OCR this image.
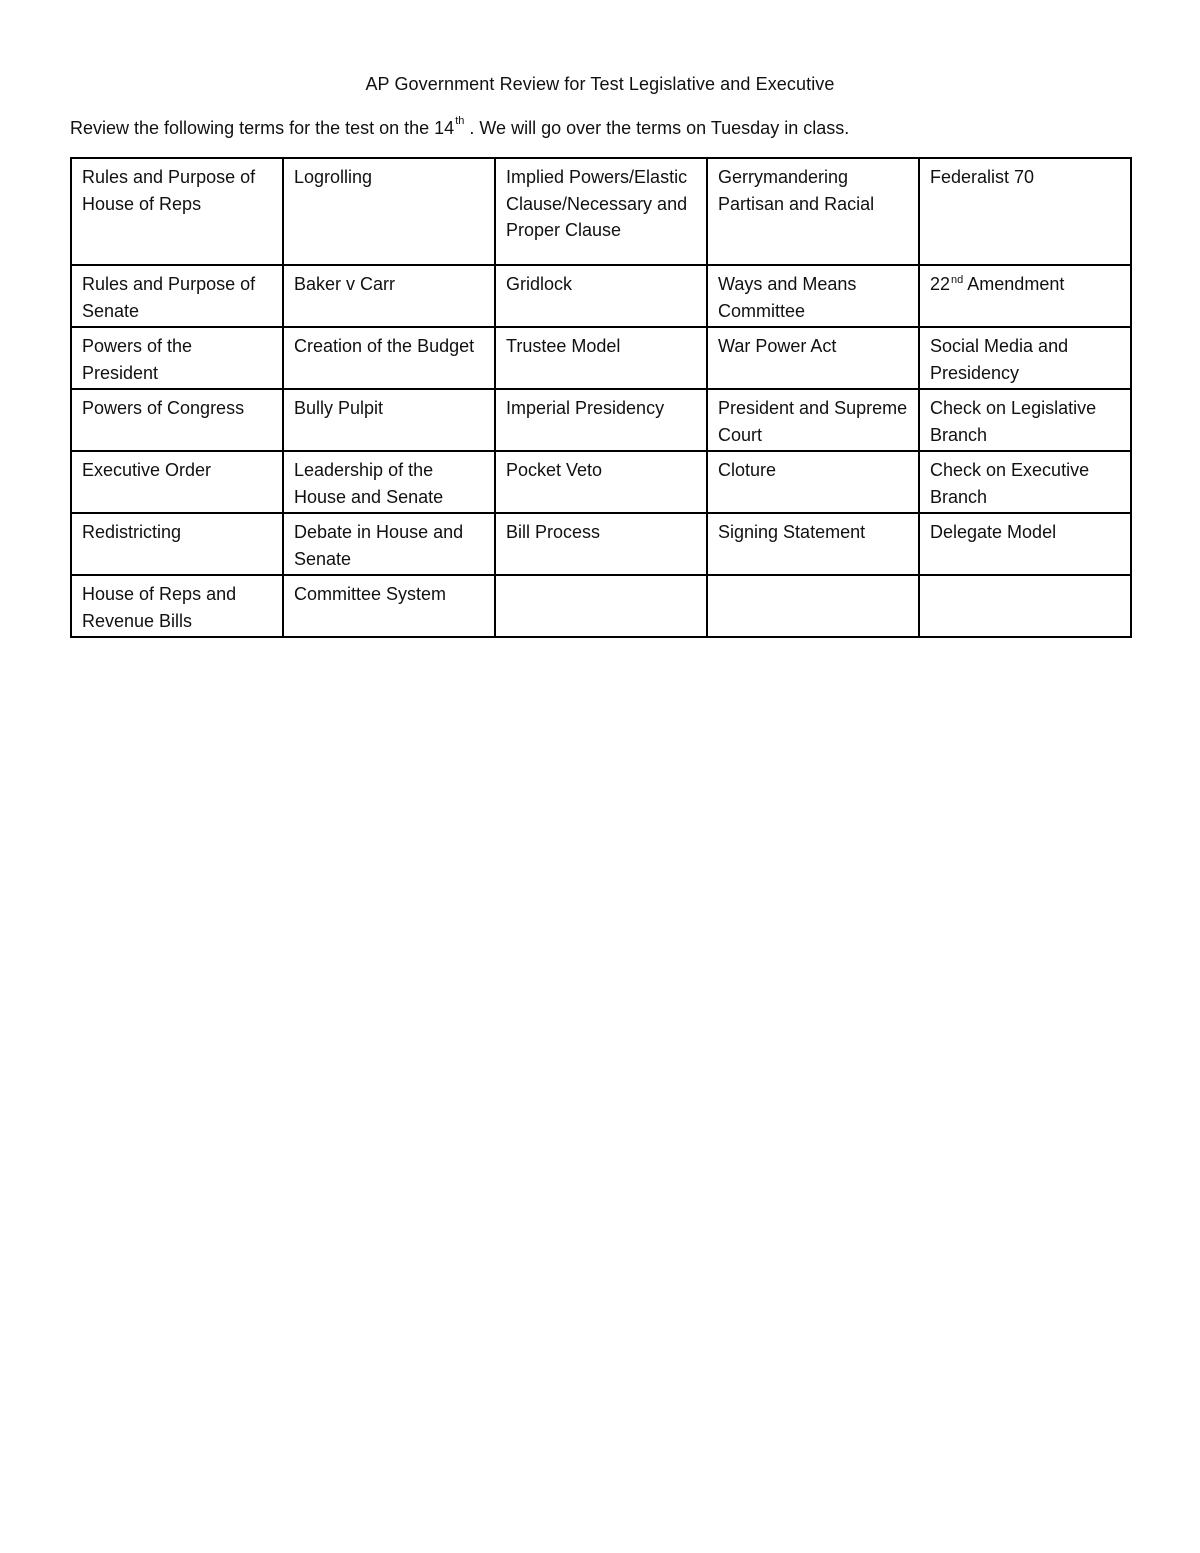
AP Government Review for Test Legislative and Executive
Review the following terms for the test on the 14th . We will go over the terms on Tuesday in class.
Rules and Purpose of House of Reps	Logrolling	Implied Powers/Elastic Clause/Necessary and Proper Clause	Gerrymandering Partisan and Racial	Federalist 70
Rules and Purpose of Senate	Baker v Carr	Gridlock	Ways and Means Committee	22nd Amendment
Powers of the President	Creation of the Budget	Trustee Model	War Power Act	Social Media and Presidency
Powers of Congress	Bully Pulpit	Imperial Presidency	President and Supreme Court	Check on Legislative Branch
Executive Order	Leadership of the House and Senate	Pocket Veto	Cloture	Check on Executive Branch
Redistricting	Debate in House and Senate	Bill Process	Signing Statement	Delegate Model
House of Reps and Revenue Bills	Committee System			
